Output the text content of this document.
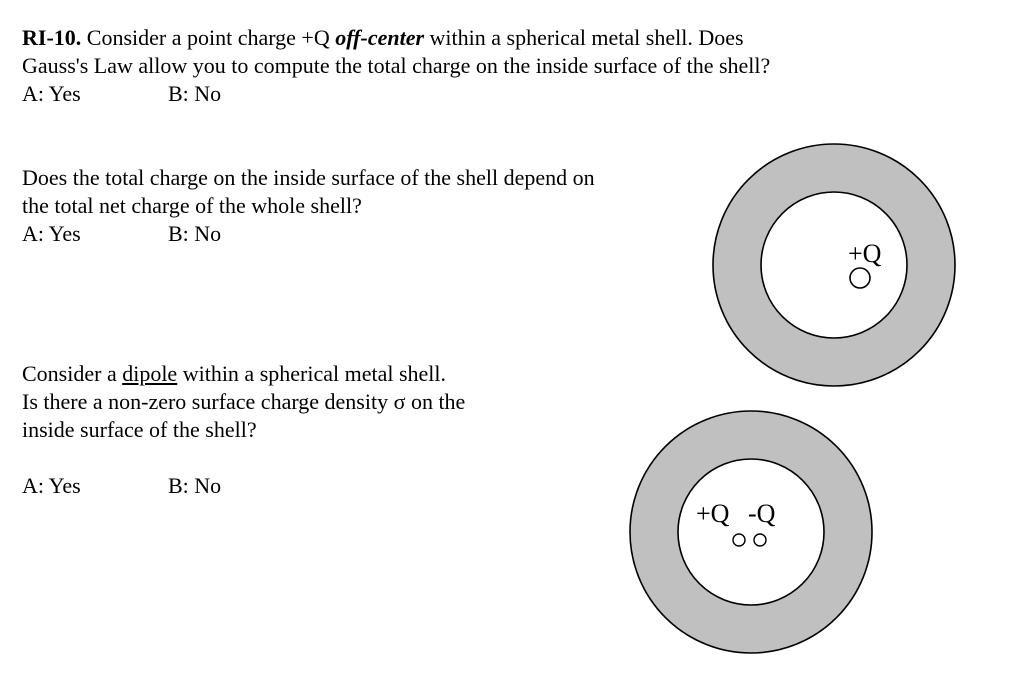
RI-10. Consider a point charge +Q off-center within a spherical metal shell. Does
Gauss's Law allow you to compute the total charge on the inside surface of the shell?
A: Yes	B: No
Does the total charge on the inside surface of the shell depend on
the total net charge of the whole shell?
A: Yes	B: No
Consider a dipole within a spherical metal shell.
Is there a non-zero surface charge density σ on the
inside surface of the shell?
A: Yes	B: No
+Q
+Q -Q
